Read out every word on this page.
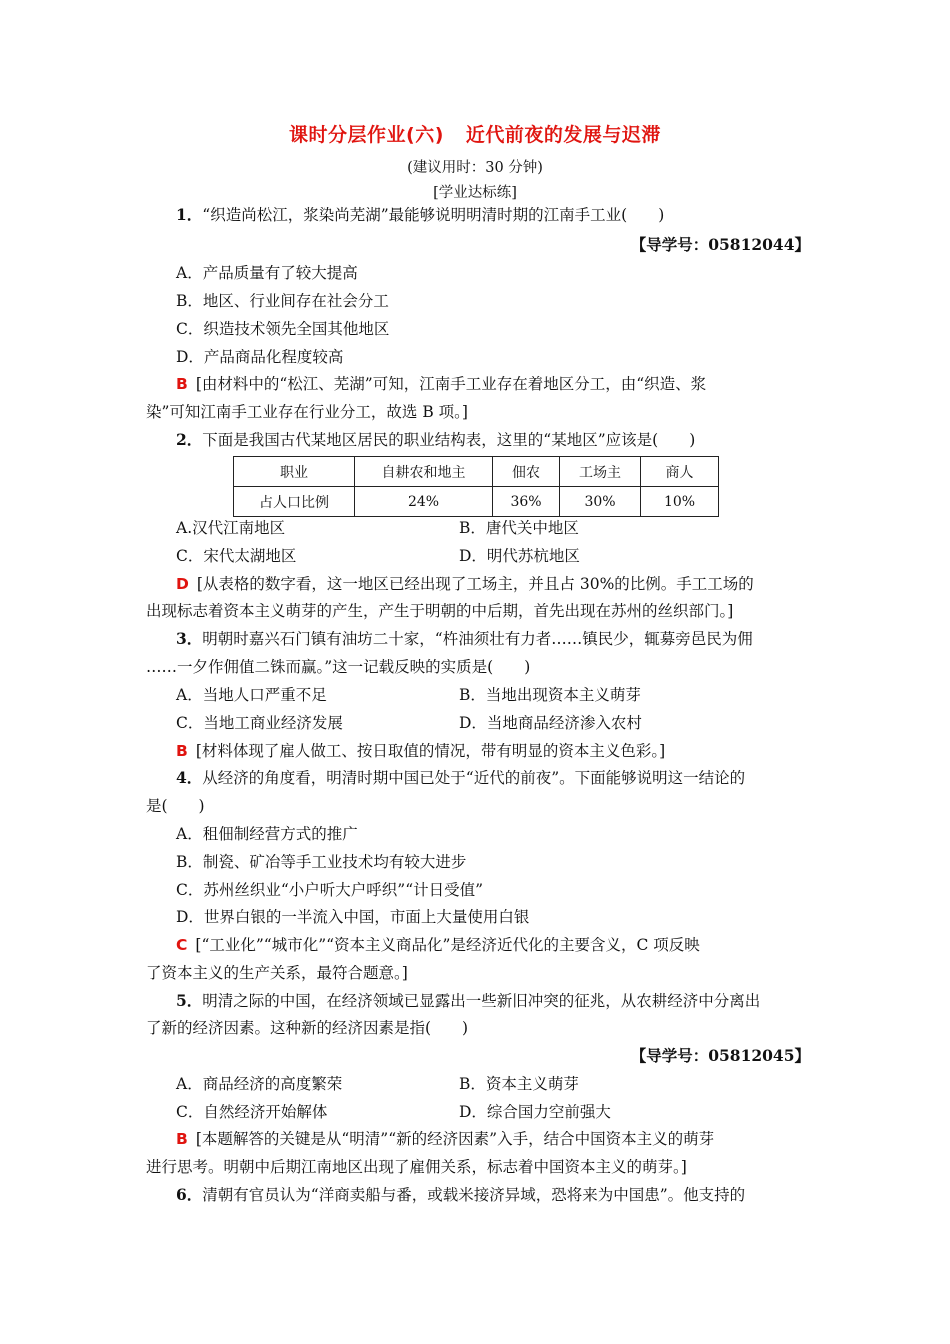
课时分层作业(六) 近代前夜的发展与迟滞
(建议用时：30 分钟)
[学业达标练]
1．“织造尚松江，浆染尚芜湖”最能够说明明清时期的江南手工业(　　)
【导学号：05812044】
A．产品质量有了较大提高
B．地区、行业间存在社会分工
C．织造技术领先全国其他地区
D．产品商品化程度较高
B [由材料中的“松江、芜湖”可知，江南手工业存在着地区分工，由“织造、浆
染”可知江南手工业存在行业分工，故选 B 项。]
2．下面是我国古代某地区居民的职业结构表，这里的“某地区”应该是(　　)
职业	自耕农和地主	佃农	工场主	商人
占人口比例	24%	36%	30%	10%
A.汉代江南地区	B．唐代关中地区
C．宋代太湖地区	D．明代苏杭地区
D [从表格的数字看，这一地区已经出现了工场主，并且占 30%的比例。手工工场的
出现标志着资本主义萌芽的产生，产生于明朝的中后期，首先出现在苏州的丝织部门。]
3．明朝时嘉兴石门镇有油坊二十家，“杵油须壮有力者……镇民少，辄募旁邑民为佣
……一夕作佣值二铢而赢。”这一记载反映的实质是(　　)
A．当地人口严重不足	B．当地出现资本主义萌芽
C．当地工商业经济发展	D．当地商品经济渗入农村
B [材料体现了雇人做工、按日取值的情况，带有明显的资本主义色彩。]
4．从经济的角度看，明清时期中国已处于“近代的前夜”。下面能够说明这一结论的
是(　　)
A．租佃制经营方式的推广
B．制瓷、矿冶等手工业技术均有较大进步
C．苏州丝织业“小户听大户呼织”“计日受值”
D．世界白银的一半流入中国，市面上大量使用白银
C [“工业化”“城市化”“资本主义商品化”是经济近代化的主要含义，C 项反映
了资本主义的生产关系，最符合题意。]
5．明清之际的中国，在经济领域已显露出一些新旧冲突的征兆，从农耕经济中分离出
了新的经济因素。这种新的经济因素是指(　　)
【导学号：05812045】
A．商品经济的高度繁荣	B．资本主义萌芽
C．自然经济开始解体	D．综合国力空前强大
B [本题解答的关键是从“明清”“新的经济因素”入手，结合中国资本主义的萌芽
进行思考。明朝中后期江南地区出现了雇佣关系，标志着中国资本主义的萌芽。]
6．清朝有官员认为“洋商卖船与番，或载米接济异域，恐将来为中国患”。他支持的
